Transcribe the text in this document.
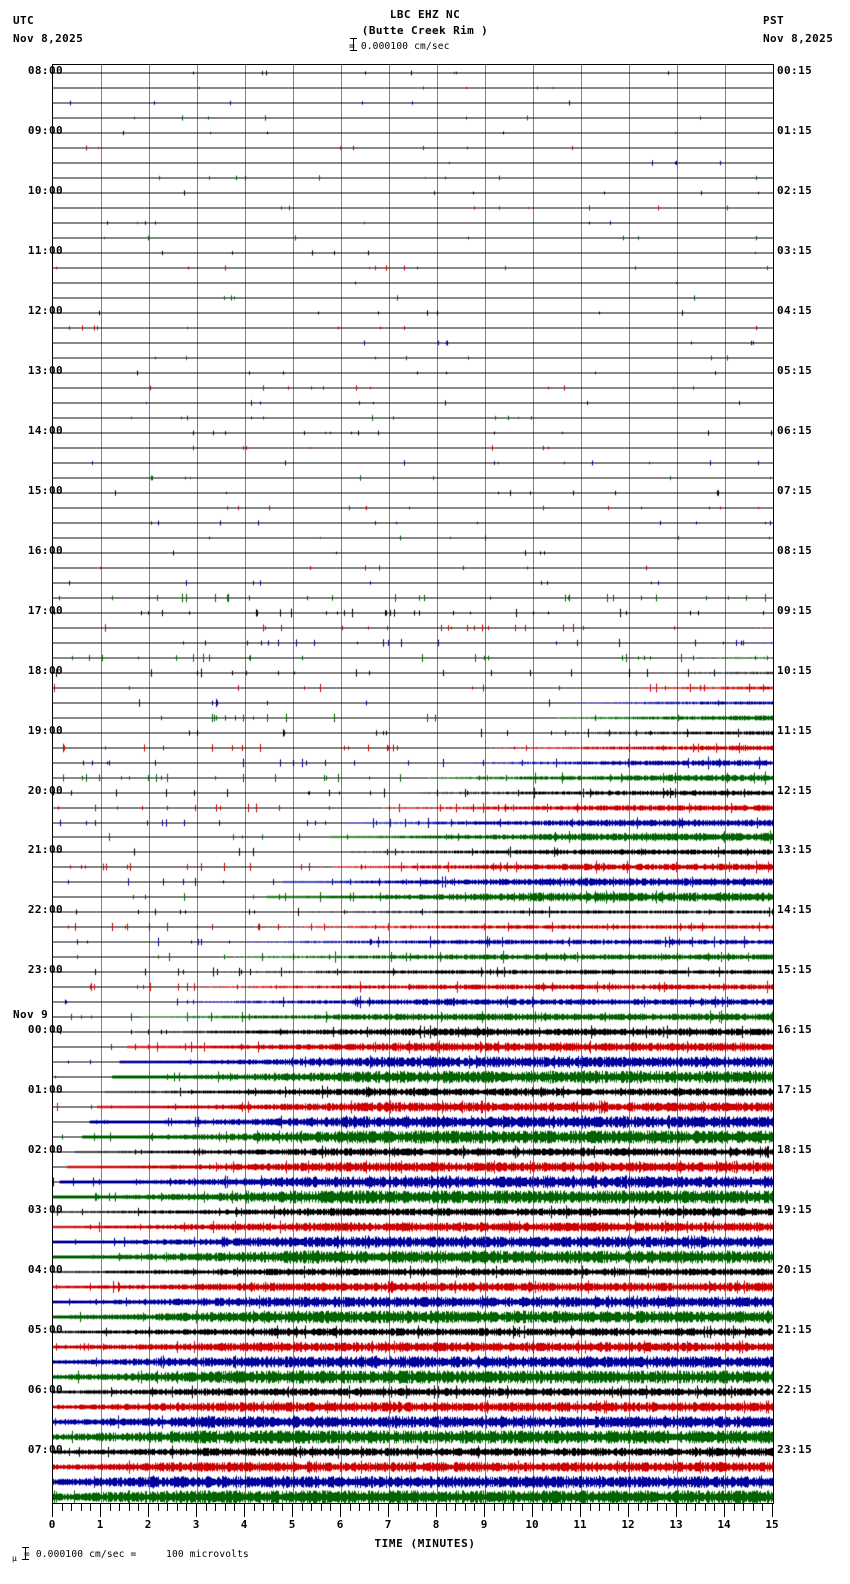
UTC
Nov 8,2025
PST
Nov 8,2025
LBC EHZ NC
(Butte Creek Rim )
= 0.000100 cm/sec
TIME (MINUTES)
μ = 0.000100 cm/sec =     100 microvolts
08:00	00:15
09:00	01:15
10:00	02:15
11:00	03:15
12:00	04:15
13:00	05:15
14:00	06:15
15:00	07:15
16:00	08:15
17:00	09:15
18:00	10:15
19:00	11:15
20:00	12:15
21:00	13:15
22:00	14:15
23:00	15:15
00:00	16:15
Nov 9
01:00	17:15
02:00	18:15
03:00	19:15
04:00	20:15
05:00	21:15
06:00	22:15
07:00	23:15
0	1	2	3	4	5	6	7	8	9	10	11	12	13	14	15
